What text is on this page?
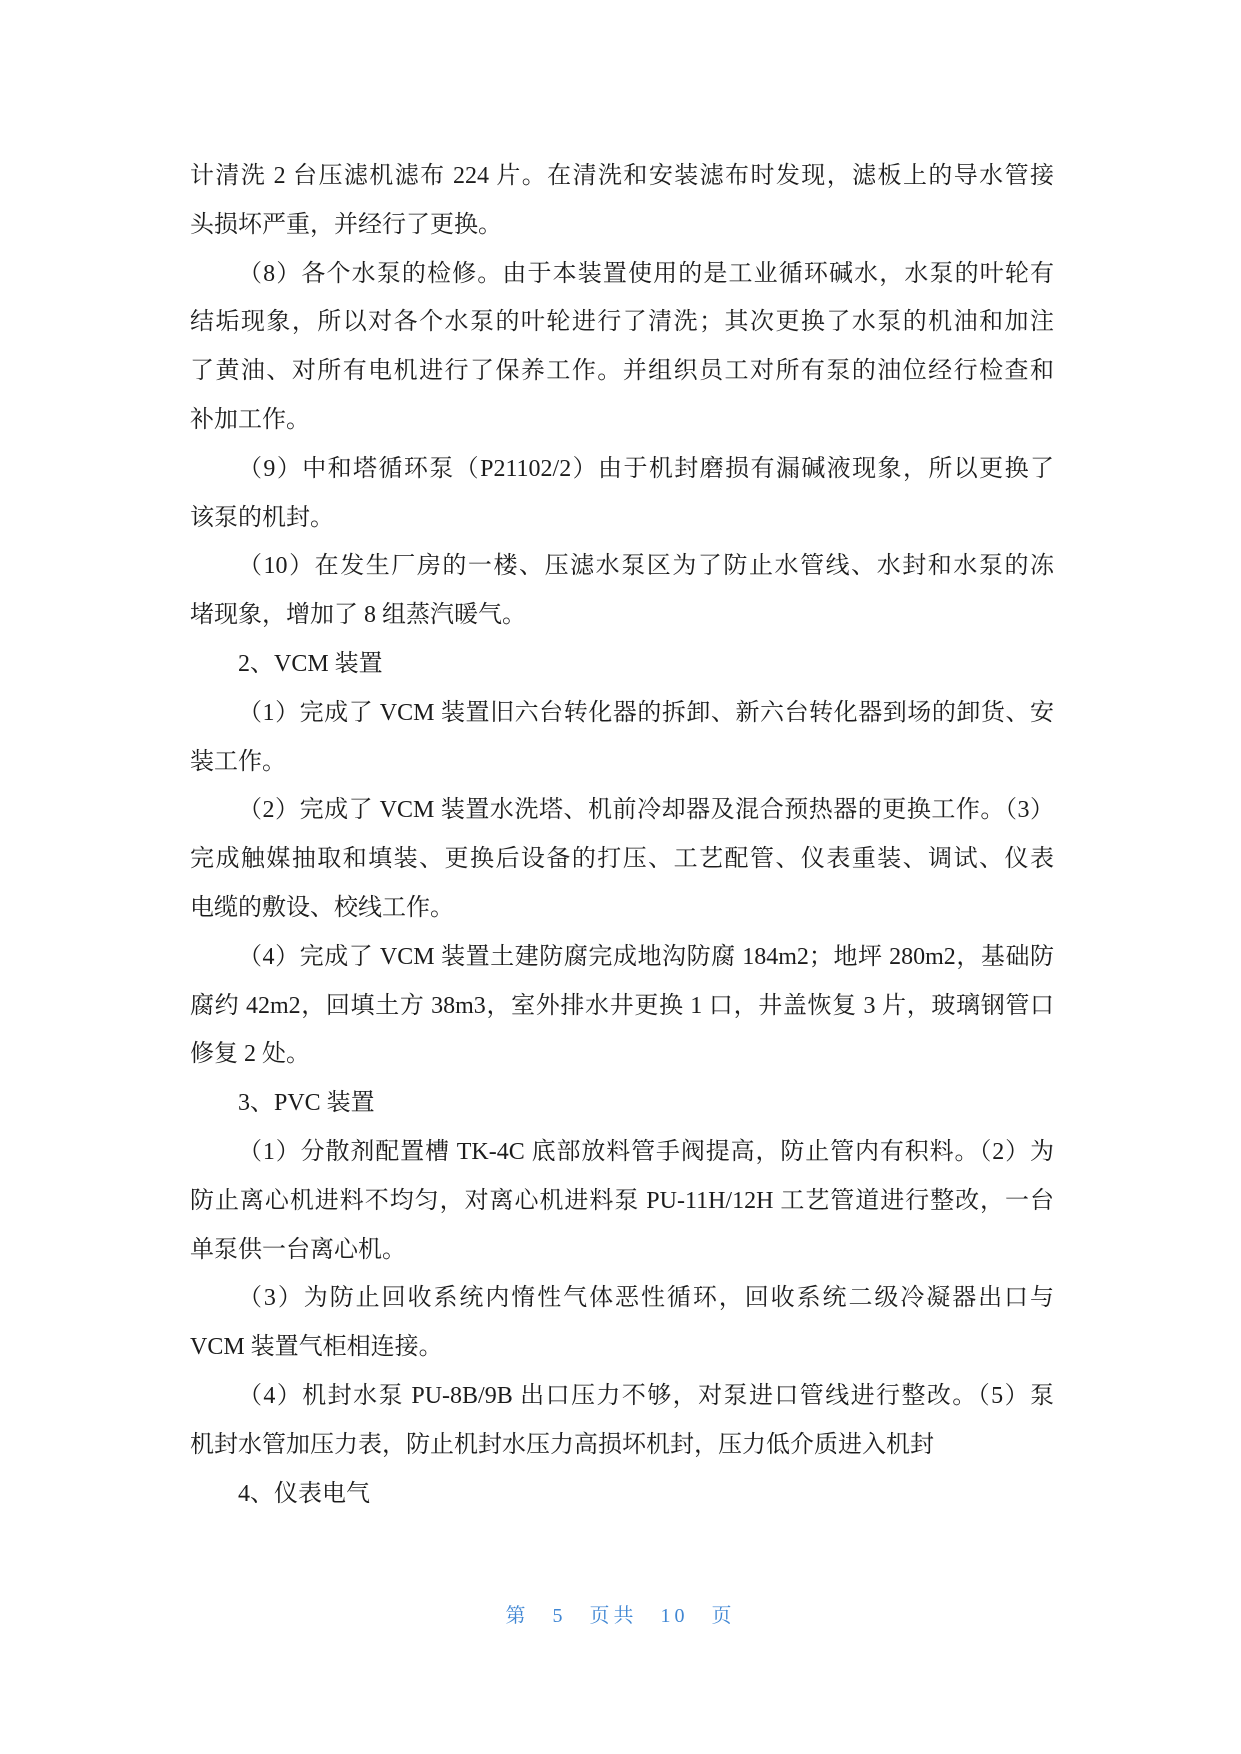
计清洗 2 台压滤机滤布 224 片。在清洗和安装滤布时发现，滤板上的导水管接
头损坏严重，并经行了更换。
（8）各个水泵的检修。由于本装置使用的是工业循环碱水，水泵的叶轮有
结垢现象，所以对各个水泵的叶轮进行了清洗；其次更换了水泵的机油和加注
了黄油、对所有电机进行了保养工作。并组织员工对所有泵的油位经行检查和
补加工作。
（9）中和塔循环泵（P21102/2）由于机封磨损有漏碱液现象，所以更换了
该泵的机封。
（10）在发生厂房的一楼、压滤水泵区为了防止水管线、水封和水泵的冻
堵现象，增加了 8 组蒸汽暖气。
2、VCM 装置
（1）完成了 VCM 装置旧六台转化器的拆卸、新六台转化器到场的卸货、安
装工作。
（2）完成了 VCM 装置水洗塔、机前冷却器及混合预热器的更换工作。（3）
完成触媒抽取和填装、更换后设备的打压、工艺配管、仪表重装、调试、仪表
电缆的敷设、校线工作。
（4）完成了 VCM 装置土建防腐完成地沟防腐 184m2；地坪 280m2，基础防
腐约 42m2，回填土方 38m3，室外排水井更换 1 口，井盖恢复 3 片，玻璃钢管口
修复 2 处。
3、PVC 装置
（1）分散剂配置槽 TK-4C 底部放料管手阀提高，防止管内有积料。（2）为
防止离心机进料不均匀，对离心机进料泵 PU-11H/12H 工艺管道进行整改，一台
单泵供一台离心机。
（3）为防止回收系统内惰性气体恶性循环，回收系统二级冷凝器出口与
VCM 装置气柜相连接。
（4）机封水泵 PU-8B/9B 出口压力不够，对泵进口管线进行整改。（5）泵
机封水管加压力表，防止机封水压力高损坏机封，压力低介质进入机封
4、仪表电气
第 5 页共 10 页
